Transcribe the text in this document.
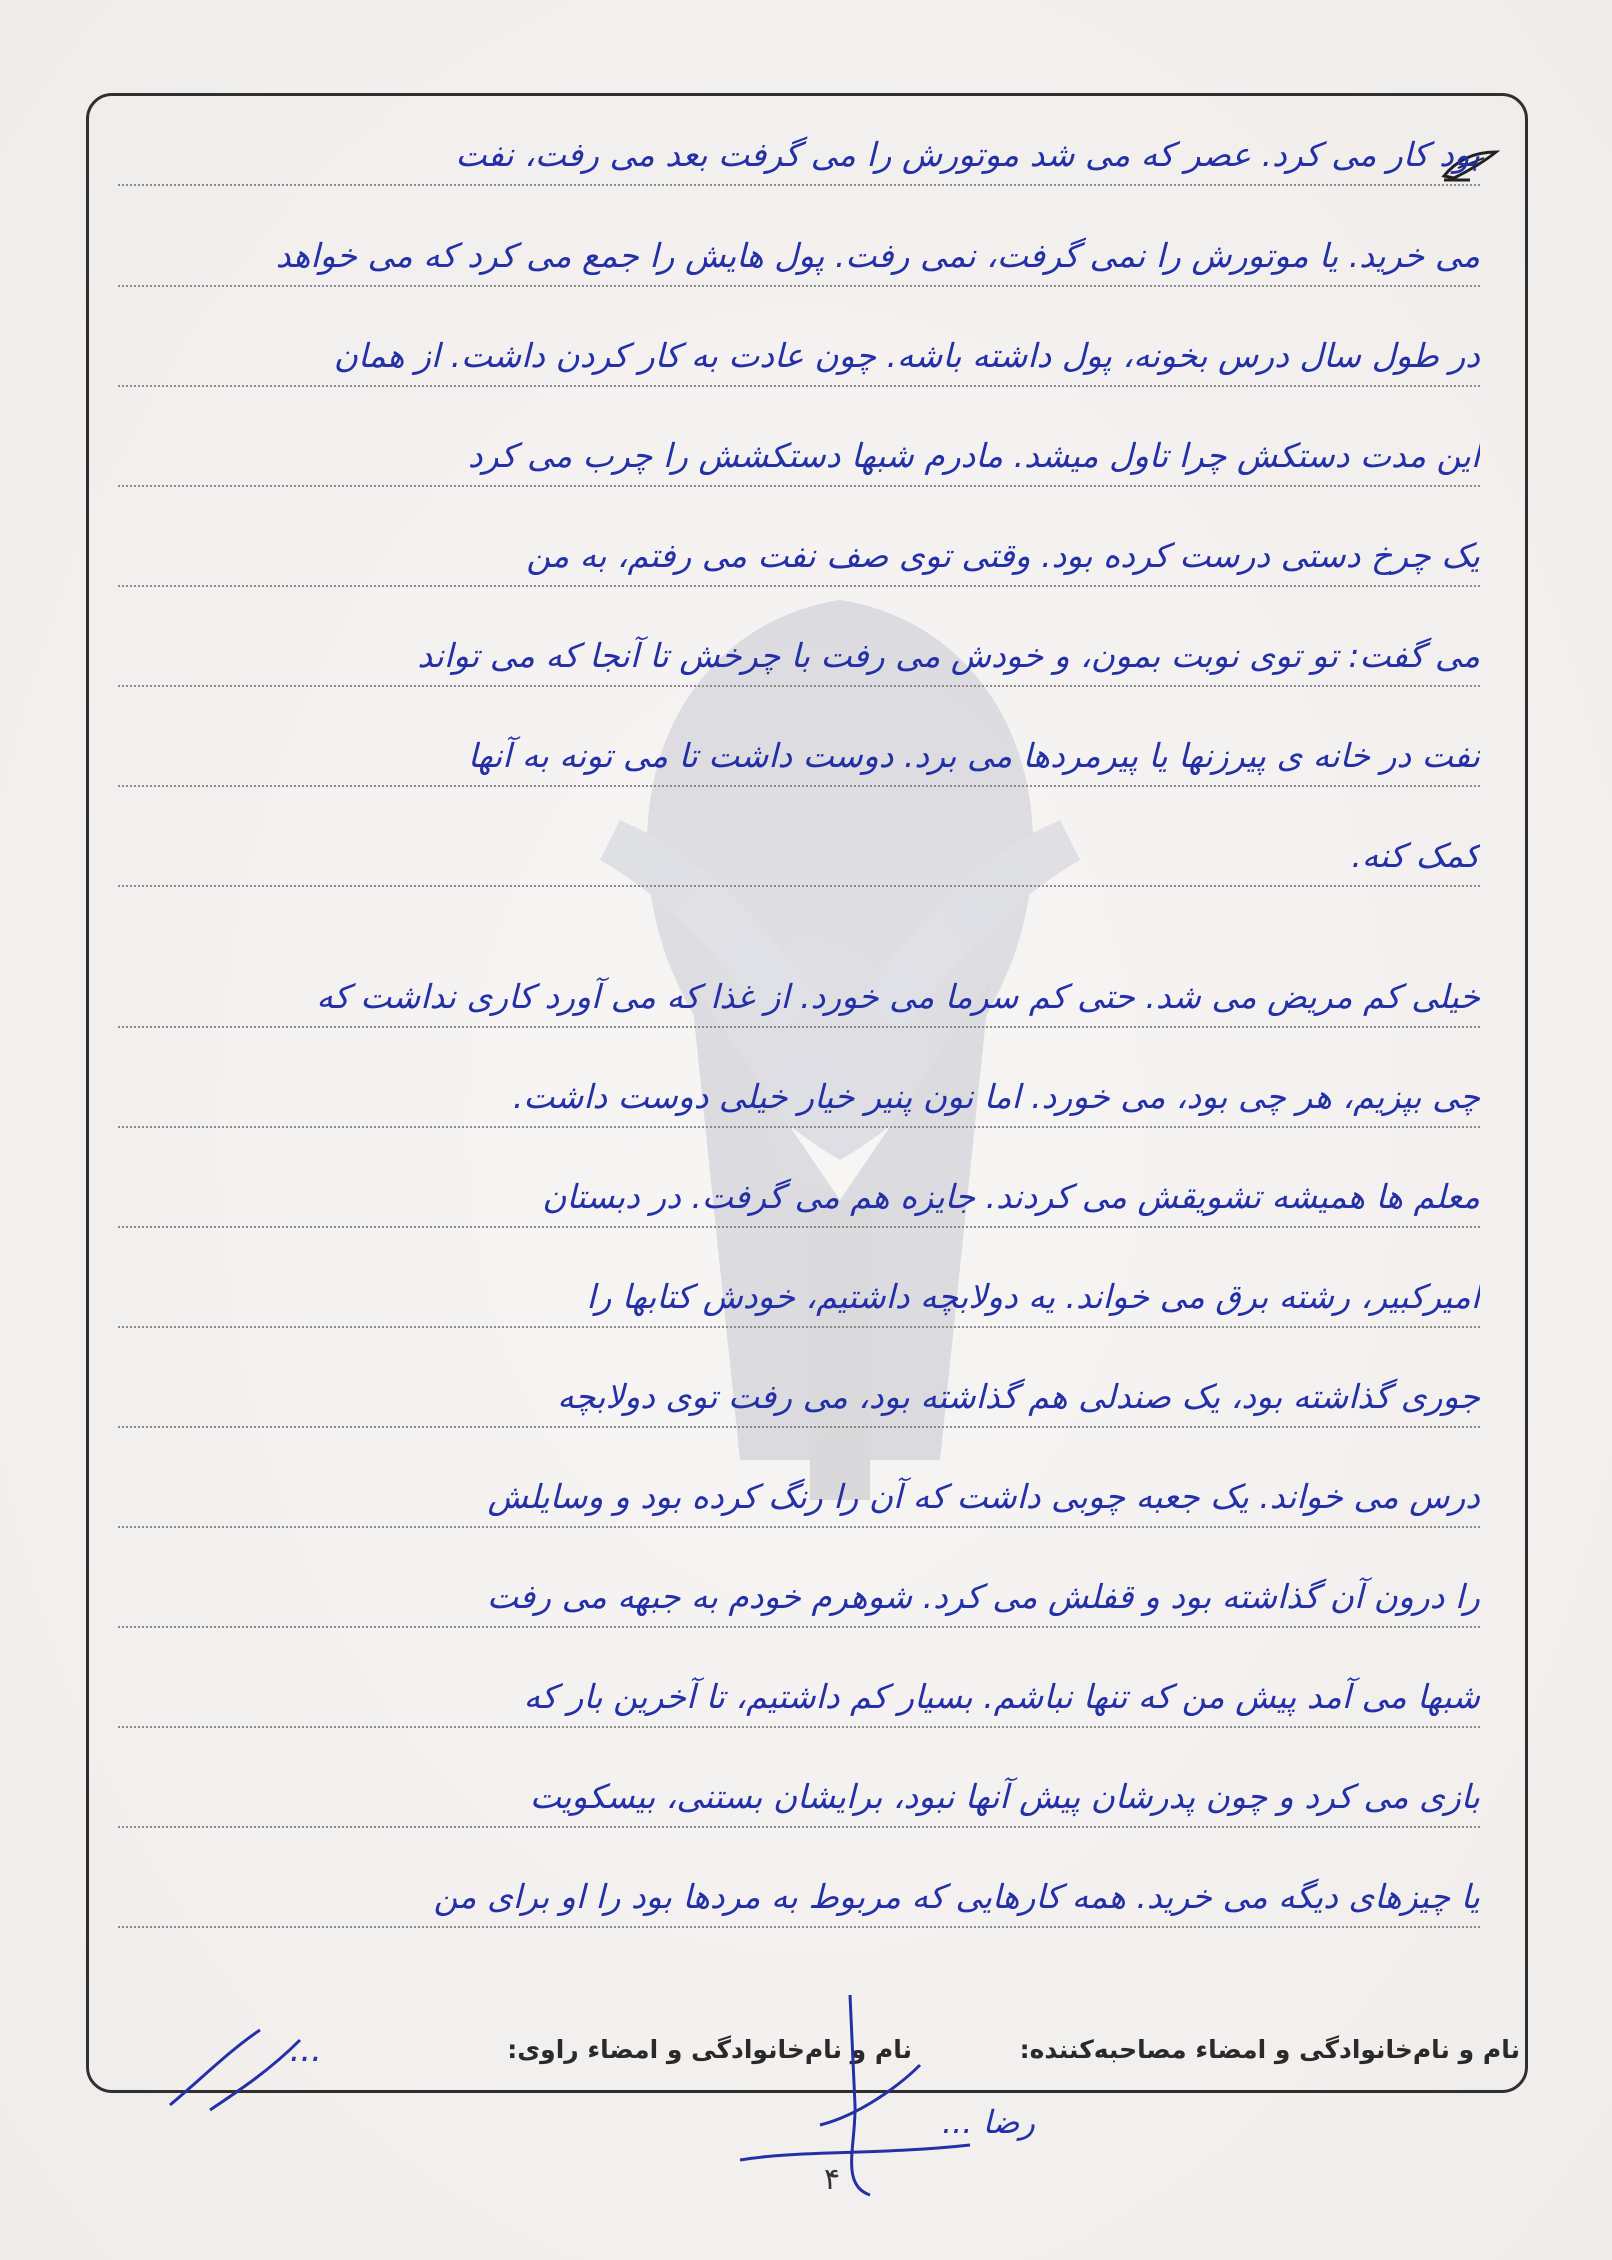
بود کار می کرد. عصر که می شد موتورش را می گرفت بعد می رفت، نفت
می خرید. یا موتورش را نمی گرفت، نمی رفت. پول هایش را جمع می کرد که می خواهد
در طول سال درس بخونه، پول داشته باشه. چون عادت به کار کردن داشت. از همان
این مدت دستکش چرا تاول میشد. مادرم شبها دستکشش را چرب می کرد
یک چرخ دستی درست کرده بود. وقتی توی صف نفت می رفتم، به من
می گفت: تو توی نوبت بمون، و خودش می رفت با چرخش تا آنجا که می تواند
نفت در خانه ی پیرزنها یا پیرمردها می برد. دوست داشت تا می تونه به آنها
کمک کنه.
خیلی کم مریض می شد. حتی کم سرما می خورد. از غذا که می آورد کاری نداشت که
چی بپزیم، هر چی بود، می خورد. اما نون پنیر خیار خیلی دوست داشت.
معلم ها همیشه تشویقش می کردند. جایزه هم می گرفت. در دبستان
امیرکبیر، رشته برق می خواند. یه دولابچه داشتیم، خودش کتابها را
جوری گذاشته بود، یک صندلی هم گذاشته بود، می رفت توی دولابچه
درس می خواند. یک جعبه چوبی داشت که آن را رنگ کرده بود و وسایلش
را درون آن گذاشته بود و قفلش می کرد. شوهرم خودم به جبهه می رفت
شبها می آمد پیش من که تنها نباشم. بسیار کم داشتیم، تا آخرین بار که
بازی می کرد و چون پدرشان پیش آنها نبود، برایشان بستنی، بیسکویت
یا چیزهای دیگه می خرید. همه کارهایی که مربوط به مردها بود را او برای من
نام و نام‌خانوادگی و امضاء مصاحبه‌کننده:
نام و نام‌خانوادگی و امضاء راوی:
...
رضا ...
۴
